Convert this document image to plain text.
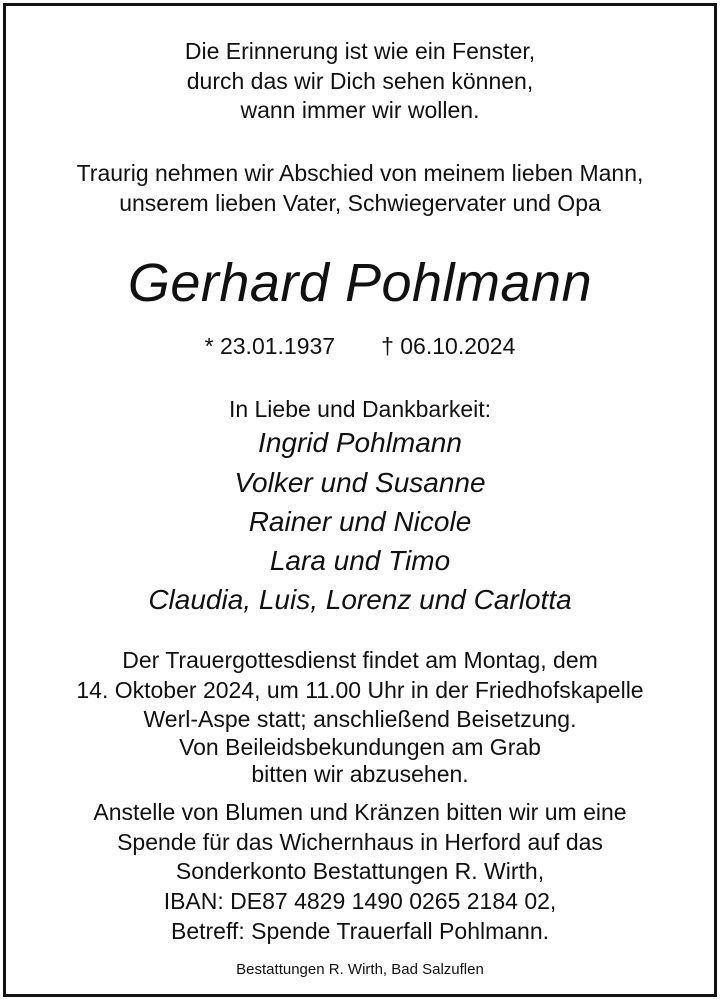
Die Erinnerung ist wie ein Fenster,
durch das wir Dich sehen können,
wann immer wir wollen.
Traurig nehmen wir Abschied von meinem lieben Mann,
unserem lieben Vater, Schwiegervater und Opa
Gerhard Pohlmann
* 23.01.1937 † 06.10.2024
In Liebe und Dankbarkeit:
Ingrid Pohlmann
Volker und Susanne
Rainer und Nicole
Lara und Timo
Claudia, Luis, Lorenz und Carlotta
Der Trauergottesdienst findet am Montag, dem
14. Oktober 2024, um 11.00 Uhr in der Friedhofskapelle
Werl-Aspe statt; anschließend Beisetzung.
Von Beileidsbekundungen am Grab
bitten wir abzusehen.
Anstelle von Blumen und Kränzen bitten wir um eine
Spende für das Wichernhaus in Herford auf das
Sonderkonto Bestattungen R. Wirth,
IBAN: DE87 4829 1490 0265 2184 02,
Betreff: Spende Trauerfall Pohlmann.
Bestattungen R. Wirth, Bad Salzuflen
